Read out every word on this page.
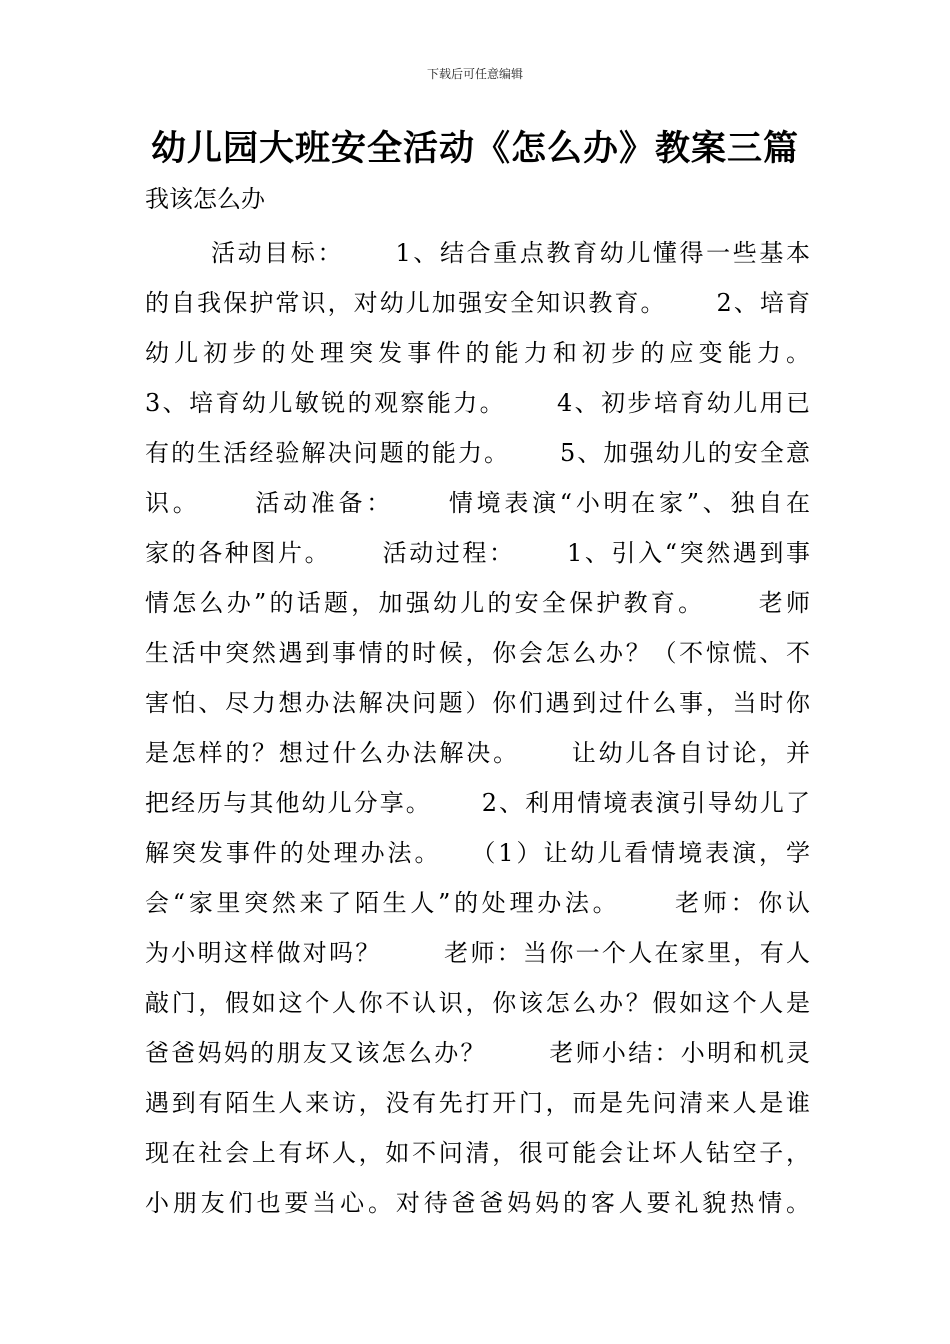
下载后可任意编辑
幼儿园大班安全活动《怎么办》教案三篇

我该怎么办

活动目标：　　 1、结合重点教育幼儿懂得一些基本
的自我保护常识，对幼儿加强安全知识教育。　　 2、培育
幼儿初步的处理突发事件的能力和初步的应变能力。
3、培育幼儿敏锐的观察能力。　　 4、初步培育幼儿用已
有的生活经验解决问题的能力。　　 5、加强幼儿的安全意
识。　　 活动准备：　　 情境表演“小明在家”、独自在
家的各种图片。　　 活动过程：　　 1、引入“突然遇到事
情怎么办”的话题，加强幼儿的安全保护教育。　　 老师
生活中突然遇到事情的时候，你会怎么办？（不惊慌、不
害怕、尽力想办法解决问题）你们遇到过什么事，当时你
是怎样的？想过什么办法解决。　　 让幼儿各自讨论，并
把经历与其他幼儿分享。　　 2、利用情境表演引导幼儿了
解突发事件的处理办法。　　（1）让幼儿看情境表演，学
会“家里突然来了陌生人”的处理办法。　　 老师：你认
为小明这样做对吗？　　 老师：当你一个人在家里，有人
敲门，假如这个人你不认识，你该怎么办？假如这个人是
爸爸妈妈的朋友又该怎么办？　　 老师小结：小明和机灵
遇到有陌生人来访，没有先打开门，而是先问清来人是谁
现在社会上有坏人，如不问清，很可能会让坏人钻空子，
小朋友们也要当心。对待爸爸妈妈的客人要礼貌热情。
